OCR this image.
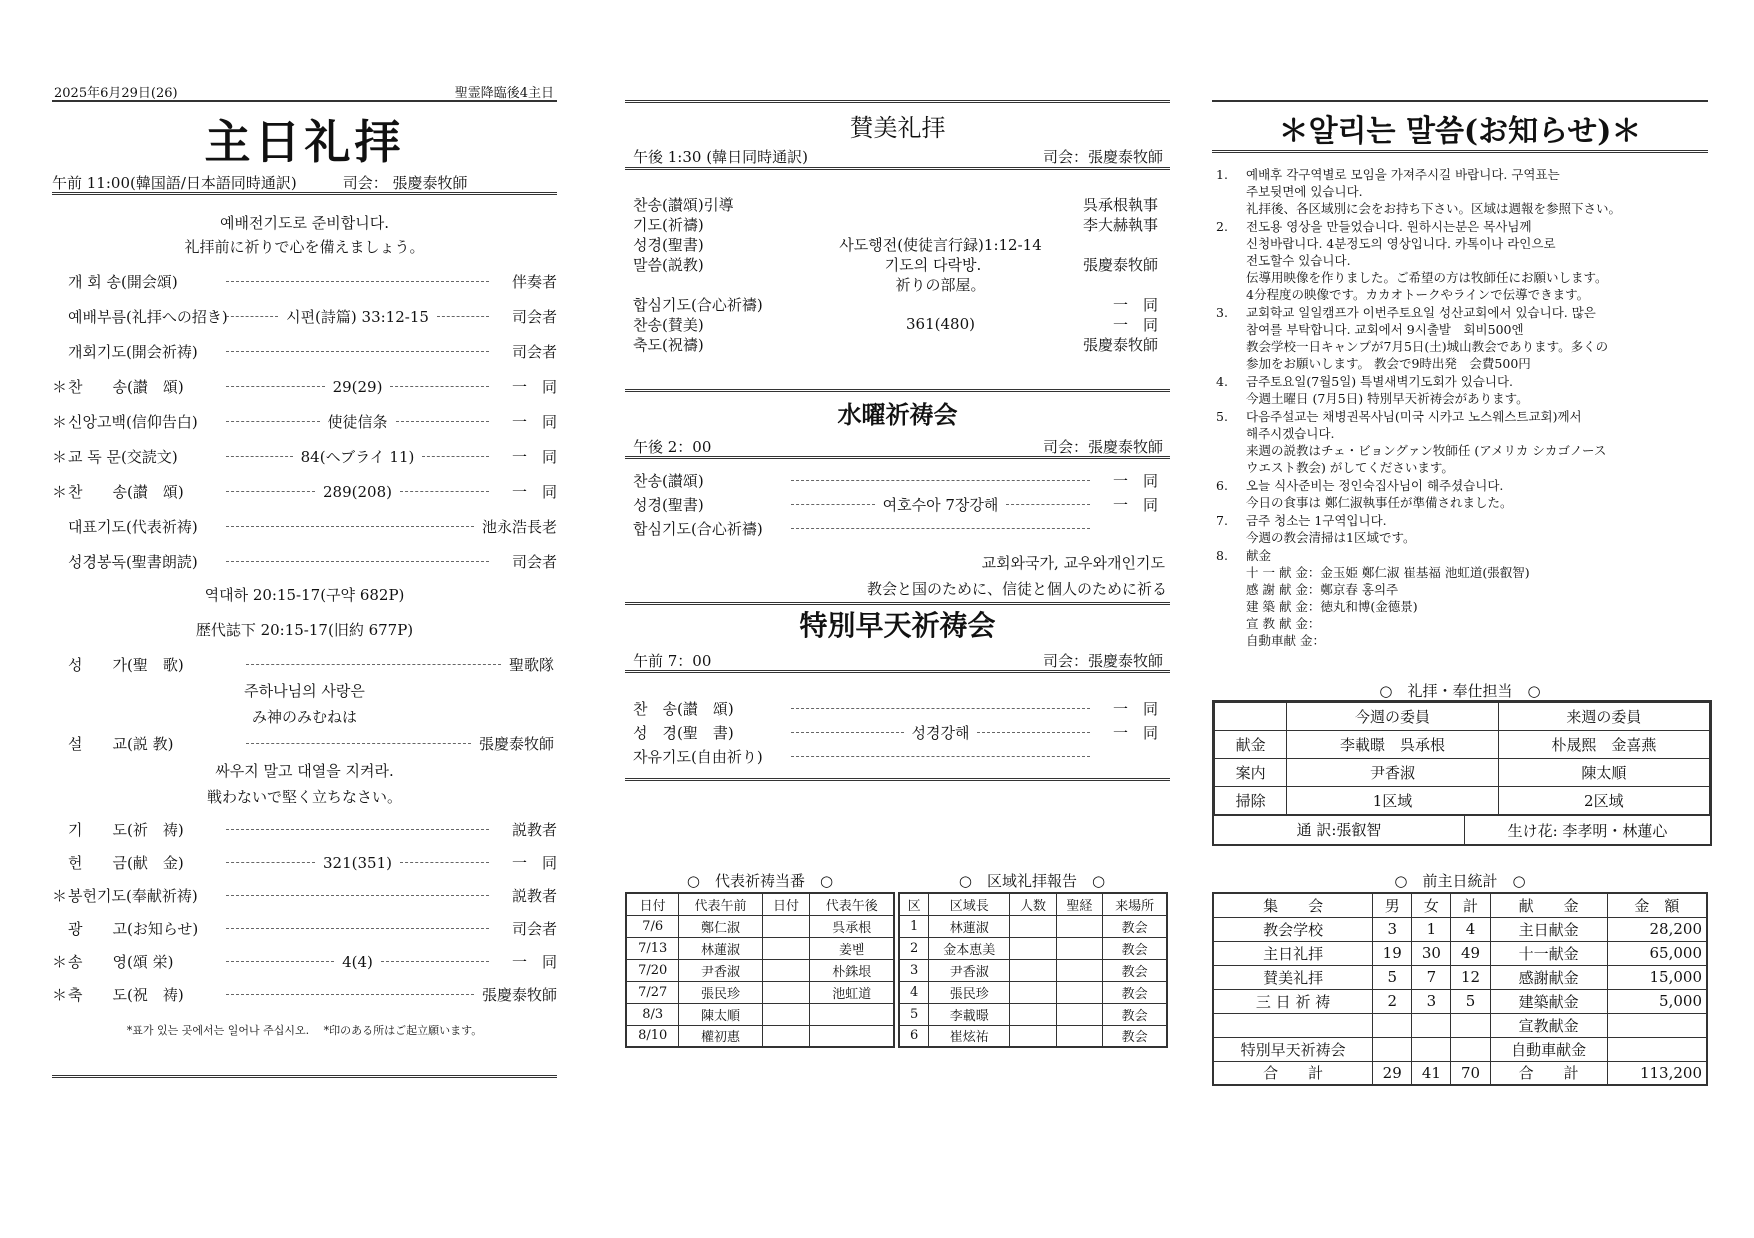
2025年6月29日(26)	聖霊降臨後4主日
主日礼拝
午前 11:00(韓国語/日本語同時通訳)	司会： 張慶泰牧師
예배전기도로 준비합니다.
礼拝前に祈りで心を備えましょう。
개 회 송(開会頌)	伴奏者
예배부름(礼拝への招き)	시편(詩篇) 33:12-15	司会者
개회기도(開会祈祷)	司会者
＊ 찬　　송(讃　頌)	29(29)	一　同
＊ 신앙고백(信仰告白)	使徒信条	一　同
＊ 교 독 문(交読文)	84(ヘブライ 11)	一　同
＊ 찬　　송(讃　頌)	289(208)	一　同
대표기도(代表祈祷)	池永浩長老
성경봉독(聖書朗読)	司会者
역대하 20:15-17(구약 682P)
歴代誌下 20:15-17(旧約 677P)
성　　가(聖　歌)	聖歌隊
주하나님의 사랑은
み神のみむねは
설　　교(説 教)	張慶泰牧師
싸우지 말고 대열을 지켜라.
戦わないで堅く立ちなさい。
기　　도(祈　祷)	説教者
헌　　금(献　金)	321(351)	一　同
＊ 봉헌기도(奉献祈祷)	説教者
광　　고(お知らせ)	司会者
＊ 송　　영(頌 栄)	4(4)	一　同
＊ 축　　도(祝　祷)	張慶泰牧師
*표가 있는 곳에서는 일어나 주십시오.　 *印のある所はご起立願います。
賛美礼拝
午後 1:30 (韓日同時通訳)	司会：張慶泰牧師
찬송(讃頌)引導	呉承根執事
기도(祈禱)	李大赫執事
성경(聖書)	사도행전(使徒言行録)1:12-14
말씀(説教)	기도의 다락방.	張慶泰牧師
祈りの部屋。
합심기도(合心祈禱)	一　同
찬송(賛美)	361(480)	一　同
축도(祝禱)	張慶泰牧師
水曜祈祷会
午後 2：00	司会：張慶泰牧師
찬송(讃頌)	一　同
성경(聖書)	여호수아 7장강해	一　同
합심기도(合心祈禱)
교회와국가, 교우와개인기도
教会と国のために、信徒と個人のために祈る
特別早天祈祷会
午前 7：00	司会：張慶泰牧師
찬　송(讃　頌)	一　同
성　경(聖　書)	성경강해	一　同
자유기도(自由祈り)
○　代表祈祷当番　○	○　区域礼拝報告　○
日付	代表午前	日付	代表午後
7/6	鄭仁淑		呉承根
7/13	林蓮淑		姜벧
7/20	尹香淑		朴銖垠
7/27	張民珍		池虹道
8/3	陳太順		
8/10	權初惠		
区	区域長	人数	聖経	来場所
1	林蓮淑			教会
2	金本恵美			教会
3	尹香淑			教会
4	張民珍			教会
5	李載暻			教会
6	崔炫祐			教会
＊알리는 말씀(お知らせ)＊
1.	예배후 각구역별로 모임을 가져주시길 바랍니다. 구역표는
주보뒷면에 있습니다.
礼拝後、各区域別に会をお持ち下さい。区域は週報を参照下さい。
2.	전도용 영상을 만들었습니다. 원하시는분은 목사님께
신청바랍니다. 4분정도의 영상입니다. 카톡이나 라인으로
전도할수 있습니다.
伝導用映像を作りました。ご希望の方は牧師任にお願いします。
4分程度の映像です。カカオトークやラインで伝導できます。
3.	교회학교 일일캠프가 이번주토요일 성산교회에서 있습니다. 많은
참여를 부탁합니다. 교회에서 9시출발　회비500엔
教会学校一日キャンプが7月5日(土)城山教会であります。多くの
参加をお願いします。 教会で9時出発　会費500円
4.	금주토요일(7월5일) 특별새벽기도회가 있습니다.
今週土曜日 (7月5日) 特別早天祈祷会があります。
5.	다음주설교는 채병권목사님(미국 시카고 노스웨스트교회)께서
해주시겠습니다.
来週の説教はチェ・ビョングァン牧師任 (アメリカ シカゴノース
ウエスト教会) がしてくださいます。
6.	오늘 식사준비는 정인숙집사님이 해주셨습니다.
今日の食事は 鄭仁淑執事任が準備されました。
7.	금주 청소는 1구역입니다.
今週の教会清掃は1区域です。
8.	献金
十 一 献 金：金玉姫 鄭仁淑 崔基福 池虹道(張叡智)
感 謝 献 金：鄭京春 홍의주
建 築 献 金：徳丸和博(金德景)
宣 教 献 金：
自動車献 金：
○　礼拝・奉仕担当　○
	今週の委員	来週の委員
献金	李載暻　呉承根	朴晟熙　金喜燕
案内	尹香淑	陳太順
掃除	1区域	2区域
通 訳:張叡智	生け花: 李孝明・林蓮心
○　前主日統計　○
集　　会	男	女	計	献　　金	金　額
教会学校	3	1	4	主日献金	28,200
主日礼拝	19	30	49	十一献金	65,000
賛美礼拝	5	7	12	感謝献金	15,000
三 日 祈 祷	2	3	5	建築献金	5,000
				宣教献金	
特別早天祈祷会				自動車献金	
合　　計	29	41	70	合　　計	113,200
